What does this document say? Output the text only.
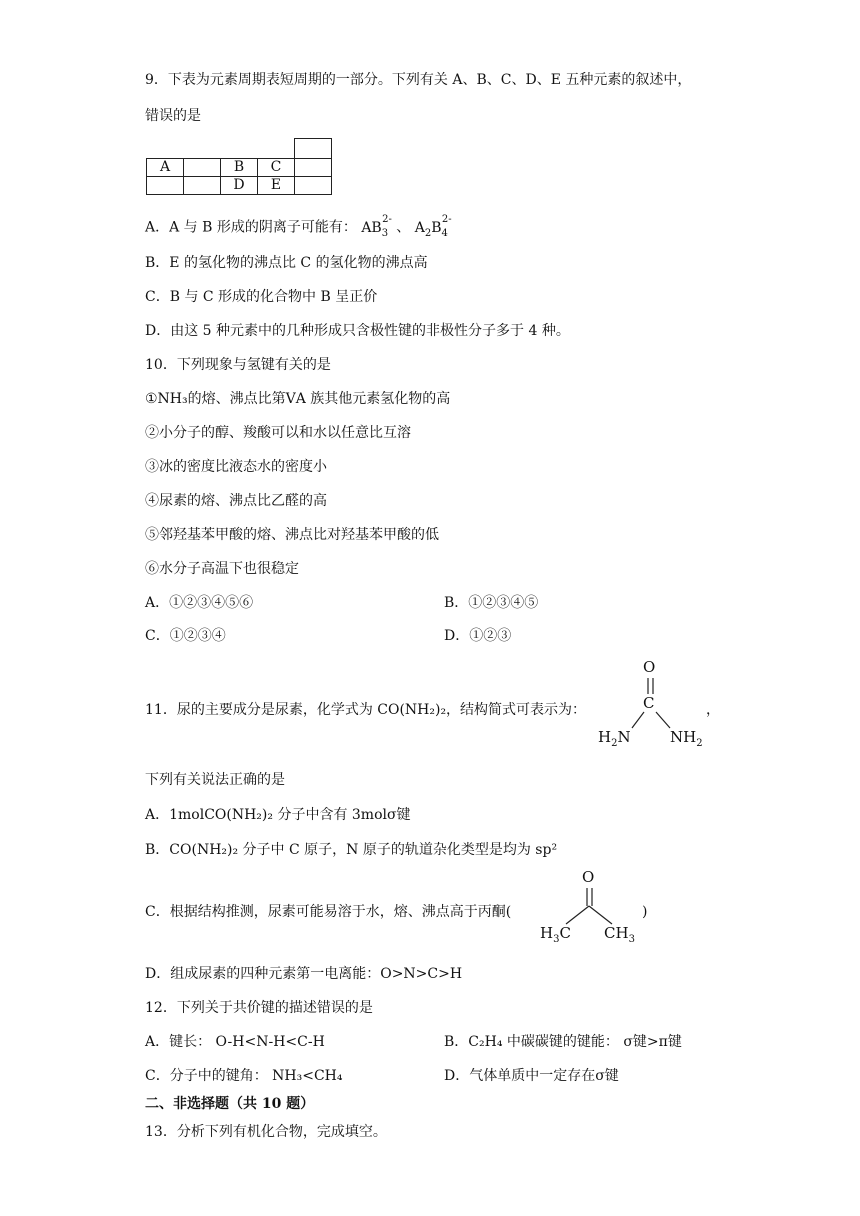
9．下表为元素周期表短周期的一部分。下列有关 A、B、C、D、E 五种元素的叙述中，
错误的是
A		B	C	
		D	E	
A．A 与 B 形成的阴离子可能有： $AB_3^{2-}$ 、 $A_2B_4^{2-}$
B．E 的氢化物的沸点比 C 的氢化物的沸点高
C．B 与 C 形成的化合物中 B 呈正价
D．由这 5 种元素中的几种形成只含极性键的非极性分子多于 4 种。
10．下列现象与氢键有关的是
①NH₃的熔、沸点比第ⅤA 族其他元素氢化物的高
②小分子的醇、羧酸可以和水以任意比互溶
③冰的密度比液态水的密度小
④尿素的熔、沸点比乙醛的高
⑤邻羟基苯甲酸的熔、沸点比对羟基苯甲酸的低
⑥水分子高温下也很稳定
A．①②③④⑤⑥	B．①②③④⑤
C．①②③④	D．①②③
11．尿的主要成分是尿素，化学式为 CO(NH₂)₂，结构简式可表示为：	，
O
C
$H_2N$	$NH_2$
下列有关说法正确的是
A．1molCO(NH₂)₂ 分子中含有 3molσ键
B．CO(NH₂)₂ 分子中 C 原子，N 原子的轨道杂化类型是均为 sp²
C．根据结构推测，尿素可能易溶于水，熔、沸点高于丙酮(	)
O
$H_3C$ $CH_3$
D．组成尿素的四种元素第一电离能：O>N>C>H
12．下列关于共价键的描述错误的是
A．键长： O-H<N-H<C-H	B．C₂H₄ 中碳碳键的键能： σ键>π键
C．分子中的键角： NH₃<CH₄	D．气体单质中一定存在σ键
二、非选择题（共 10 题）
13．分析下列有机化合物，完成填空。
